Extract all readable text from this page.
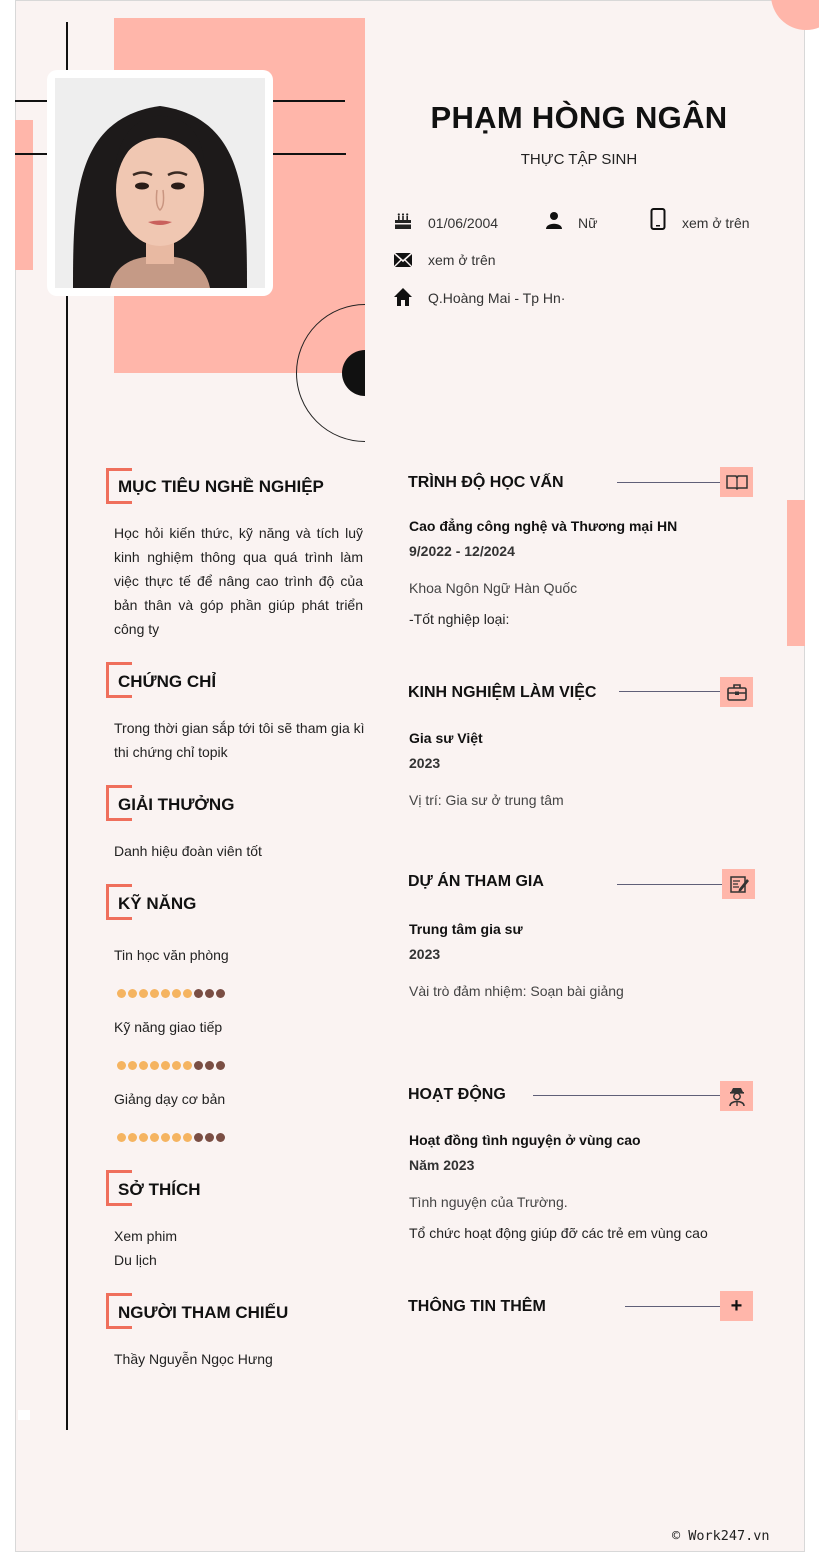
PHẠM HÒNG NGÂN
THỰC TẬP SINH
01/06/2004	Nữ	xem ở trên
xem ở trên
Q.Hoàng Mai - Tp Hn·
MỤC TIÊU NGHỀ NGHIỆP
Học hỏi kiến thức, kỹ năng và tích luỹ kinh nghiệm thông qua quá trình làm việc thực tế để nâng cao trình độ của bản thân và góp phần giúp phát triển công ty
CHỨNG CHỈ
Trong thời gian sắp tới tôi sẽ tham gia kì thi chứng chỉ topik
GIẢI THƯỞNG
Danh hiệu đoàn viên tốt
KỸ NĂNG
Tin học văn phòng
Kỹ năng giao tiếp
Giảng dạy cơ bản
SỞ THÍCH
Xem phim
Du lịch
NGƯỜI THAM CHIẾU
Thầy Nguyễn Ngọc Hưng
TRÌNH ĐỘ HỌC VẤN
Cao đẳng công nghệ và Thương mại HN
9/2022 - 12/2024
Khoa Ngôn Ngữ Hàn Quốc
-Tốt nghiệp loại:
KINH NGHIỆM LÀM VIỆC
Gia sư Việt
2023
Vị trí: Gia sư ở trung tâm
DỰ ÁN THAM GIA
Trung tâm gia sư
2023
Vài trò đảm nhiệm: Soạn bài giảng
HOẠT ĐỘNG
Hoạt đồng tình nguyện ở vùng cao
Năm 2023
Tình nguyện của Trường.
Tổ chức hoạt động giúp đỡ các trẻ em vùng cao
THÔNG TIN THÊM	+
© Work247.vn
